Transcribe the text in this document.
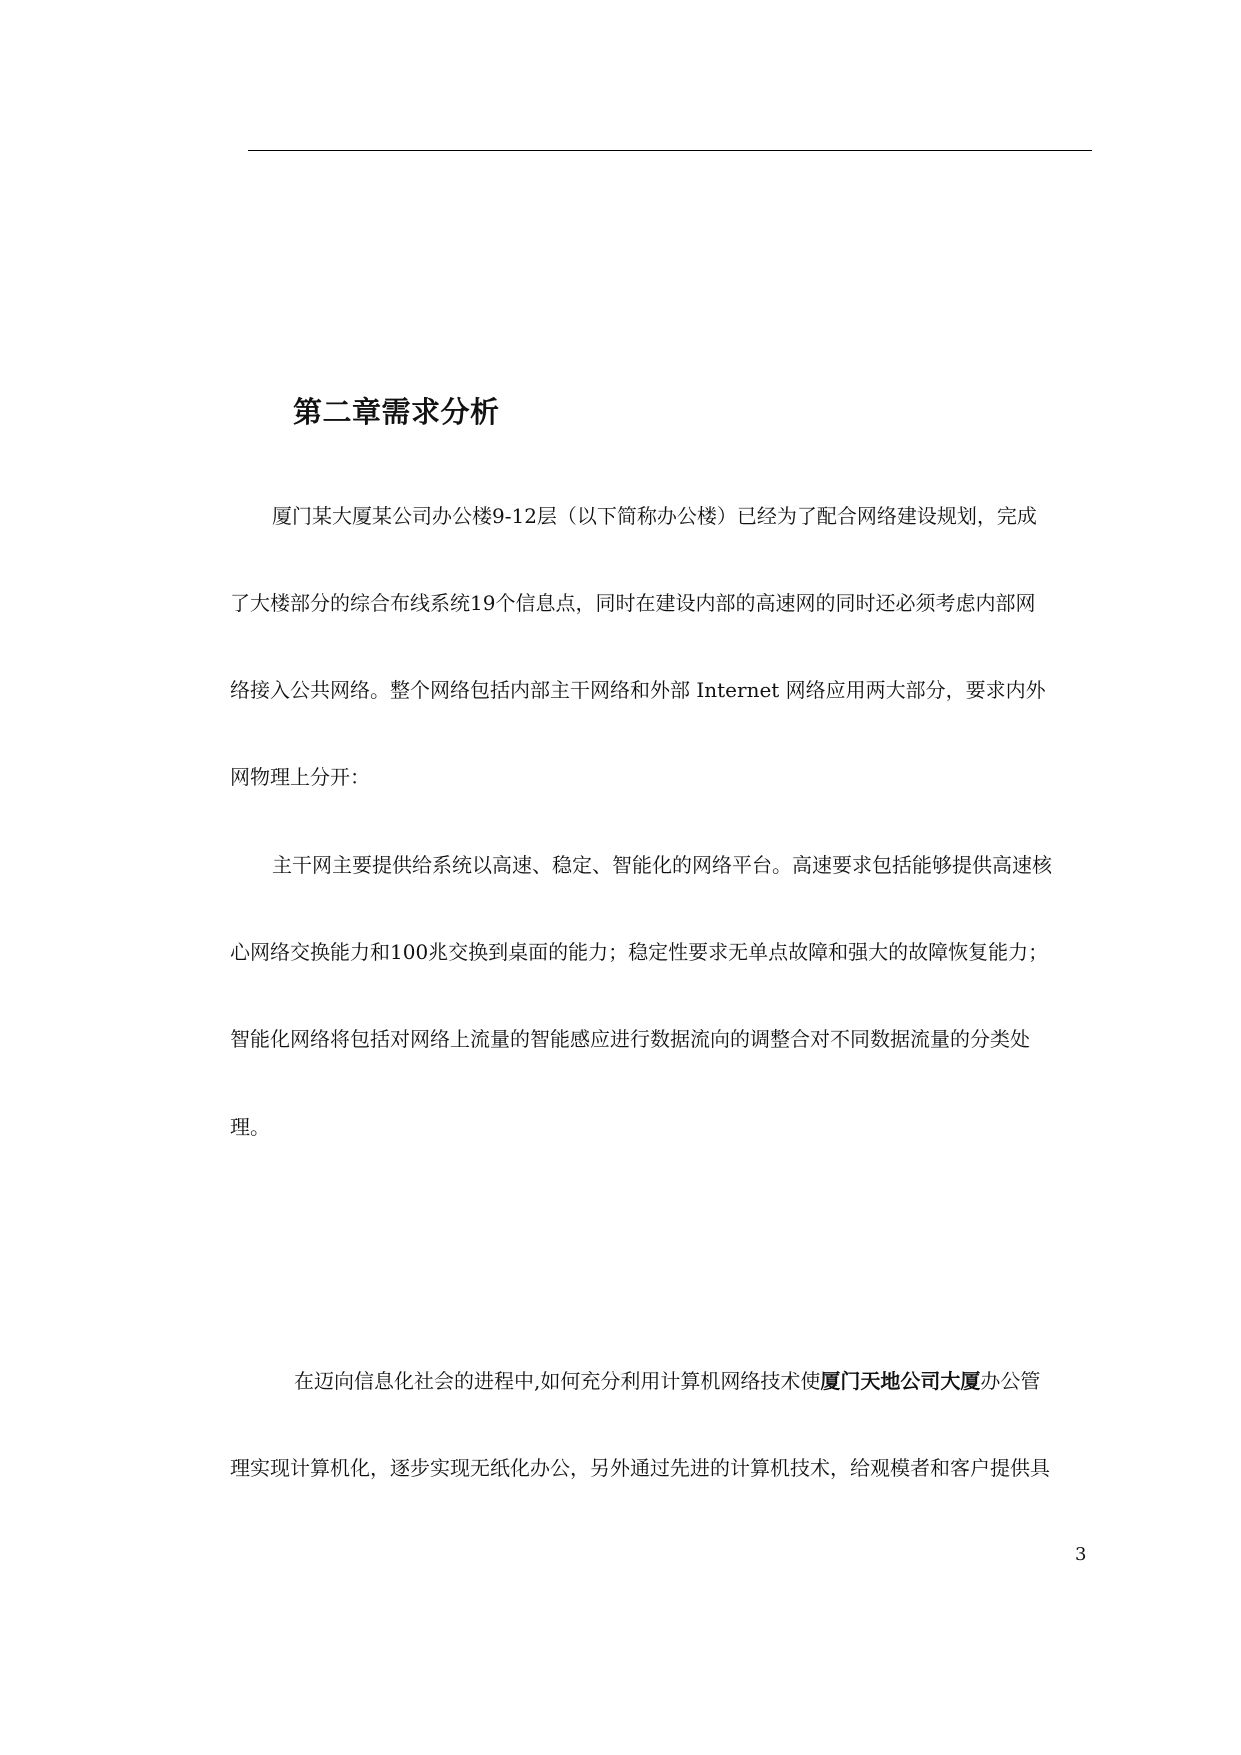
第二章需求分析

厦门某大厦某公司办公楼9-12层（以下简称办公楼）已经为了配合网络建设规划，完成

了大楼部分的综合布线系统19个信息点，同时在建设内部的高速网的同时还必须考虑内部网

络接入公共网络。整个网络包括内部主干网络和外部 Internet 网络应用两大部分，要求内外

网物理上分开：

主干网主要提供给系统以高速、稳定、智能化的网络平台。高速要求包括能够提供高速核

心网络交换能力和100兆交换到桌面的能力；稳定性要求无单点故障和强大的故障恢复能力；

智能化网络将包括对网络上流量的智能感应进行数据流向的调整合对不同数据流量的分类处

理。

在迈向信息化社会的进程中,如何充分利用计算机网络技术使厦门天地公司大厦办公管

理实现计算机化，逐步实现无纸化办公，另外通过先进的计算机技术，给观模者和客户提供具

3
